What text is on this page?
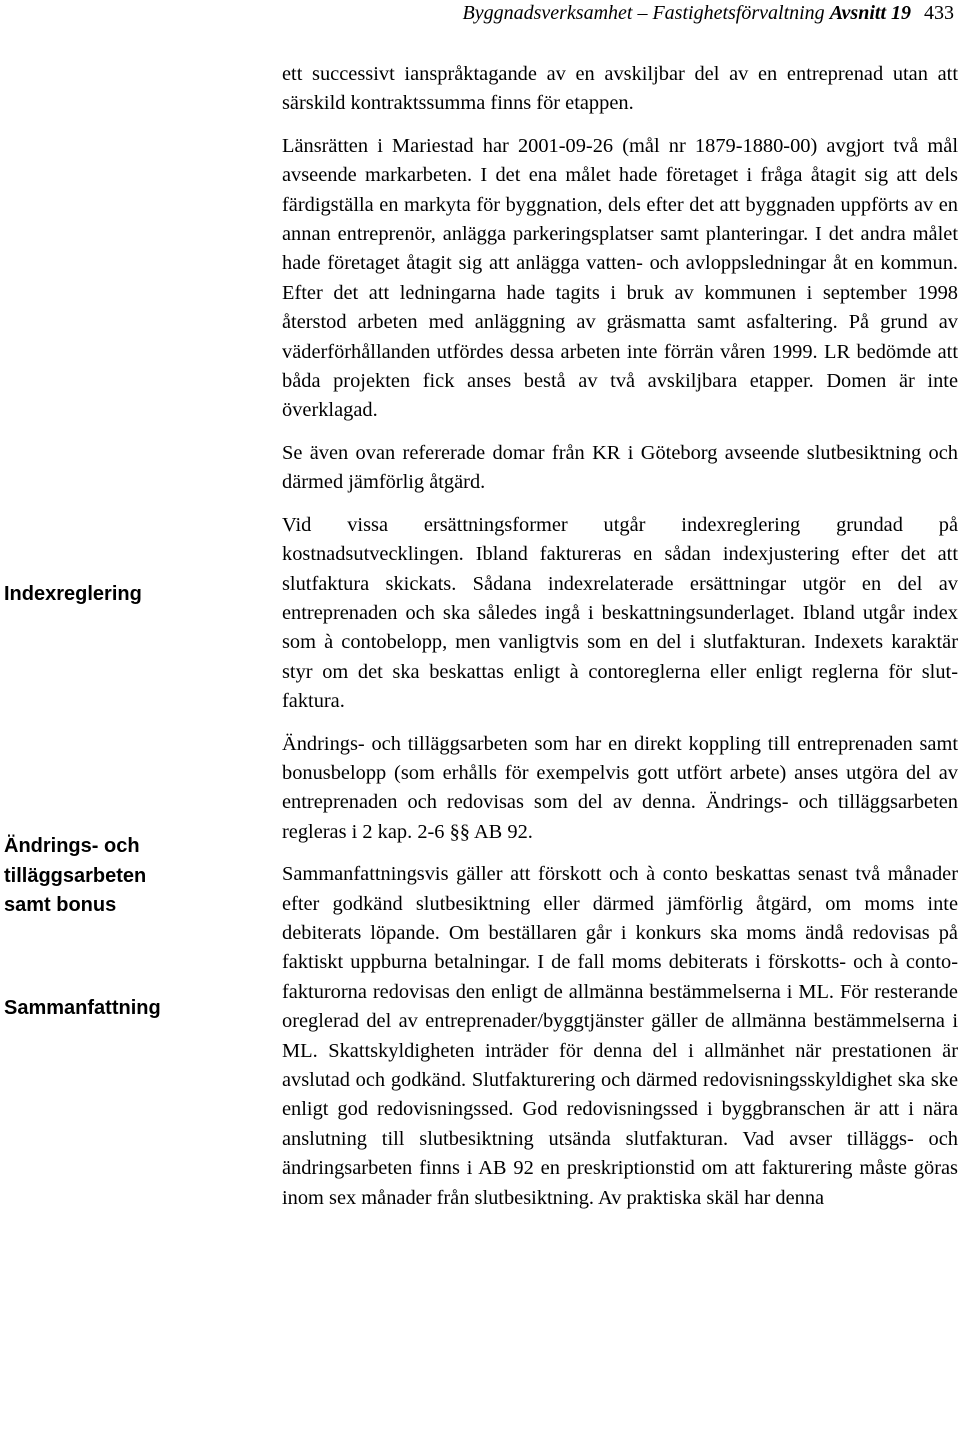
Byggnadsverksamhet – Fastighetsförvaltning Avsnitt 19 433
Indexreglering
Ändrings- och
tilläggsarbeten
samt bonus
Sammanfattning

ett successivt ianspråktagande av en avskiljbar del av en entreprenad utan att särskild kontraktssumma finns för etappen.

Länsrätten i Mariestad har 2001-09-26 (mål nr 1879-1880-00) avgjort två mål avseende markarbeten. I det ena målet hade företaget i fråga åtagit sig att dels färdigställa en markyta för byggnation, dels efter det att byggnaden uppförts av en annan entreprenör, anlägga parkeringsplatser samt planteringar. I det andra målet hade företaget åtagit sig att anlägga vatten- och avloppsledningar åt en kommun. Efter det att ledningarna hade tagits i bruk av kommunen i september 1998 återstod arbeten med anläggning av gräsmatta samt asfaltering. På grund av väderförhållanden utfördes dessa arbeten inte förrän våren 1999. LR bedömde att båda projekten fick anses bestå av två avskiljbara etapper. Domen är inte överklagad.

Se även ovan refererade domar från KR i Göteborg avseende slutbesiktning och därmed jämförlig åtgärd.

Vid vissa ersättningsformer utgår indexreglering grundad på kostnadsutvecklingen. Ibland faktureras en sådan indexjustering efter det att slutfaktura skickats. Sådana indexrelaterade ersättningar utgör en del av entreprenaden och ska således ingå i beskattningsunderlaget. Ibland utgår index som à contobelopp, men vanligtvis som en del i slutfakturan. Indexets karaktär styr om det ska beskattas enligt à contoreglerna eller enligt reglerna för slutfaktura.

Ändrings- och tilläggsarbeten som har en direkt koppling till entreprenaden samt bonusbelopp (som erhålls för exempelvis gott utfört arbete) anses utgöra del av entreprenaden och redovisas som del av denna. Ändrings- och tilläggsarbeten regleras i 2 kap. 2-6 §§ AB 92.

Sammanfattningsvis gäller att förskott och à conto beskattas senast två månader efter godkänd slutbesiktning eller därmed jämförlig åtgärd, om moms inte debiterats löpande. Om beställaren går i konkurs ska moms ändå redovisas på faktiskt uppburna betalningar. I de fall moms debiterats i förskotts- och à contofakturorna redovisas den enligt de allmänna bestämmelserna i ML. För resterande oreglerad del av entreprenader/byggtjänster gäller de allmänna bestämmelserna i ML. Skattskyldigheten inträder för denna del i allmänhet när prestationen är avslutad och godkänd. Slutfakturering och därmed redovisningsskyldighet ska ske enligt god redovisningssed. God redovisningssed i byggbranschen är att i nära anslutning till slutbesiktning utsända slutfakturan. Vad avser tilläggs- och ändringsarbeten finns i AB 92 en preskriptionstid om att fakturering måste göras inom sex månader från slutbesiktning. Av praktiska skäl har denna
